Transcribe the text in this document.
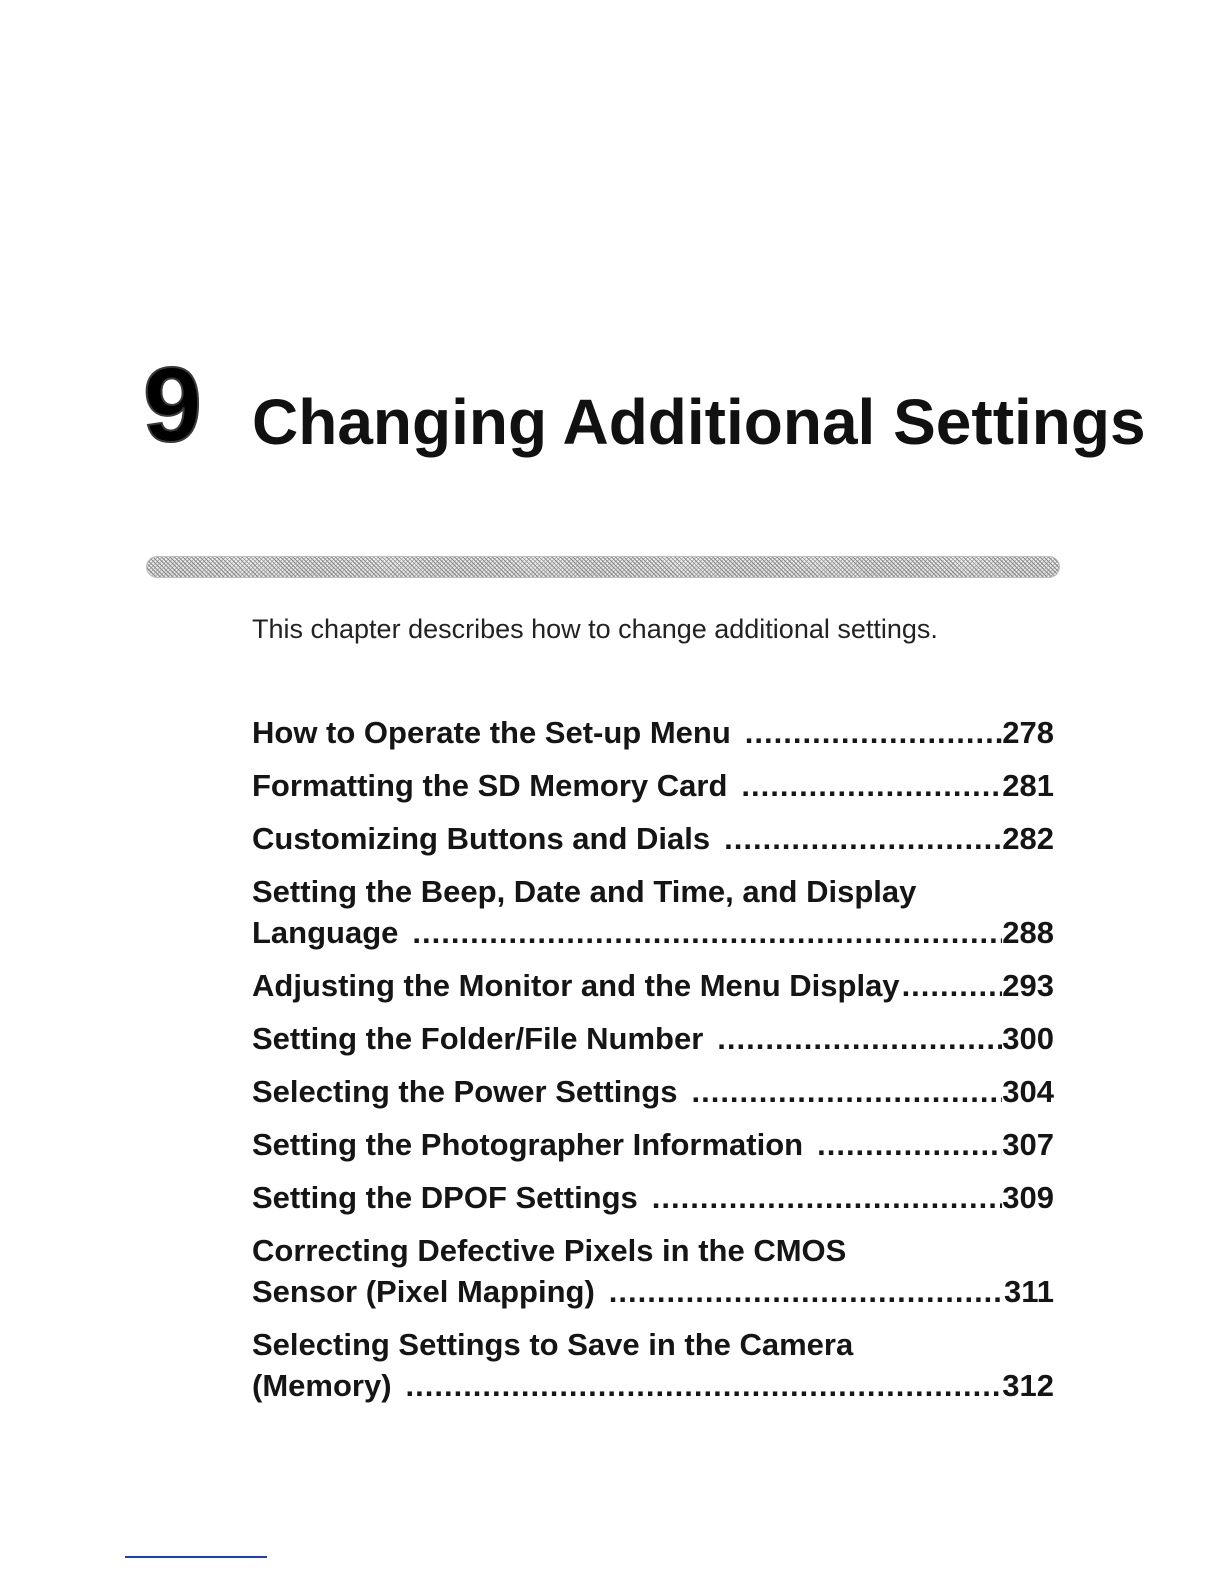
9 Changing Additional Settings

This chapter describes how to change additional settings.

How to Operate the Set-up Menu .....	278
Formatting the SD Memory Card .....	281
Customizing Buttons and Dials .....	282
Setting the Beep, Date and Time, and Display
Language .....	288
Adjusting the Monitor and the Menu Display .....	293
Setting the Folder/File Number .....	300
Selecting the Power Settings .....	304
Setting the Photographer Information .....	307
Setting the DPOF Settings .....	309
Correcting Defective Pixels in the CMOS
Sensor (Pixel Mapping) .....	311
Selecting Settings to Save in the Camera
(Memory) .....	312
